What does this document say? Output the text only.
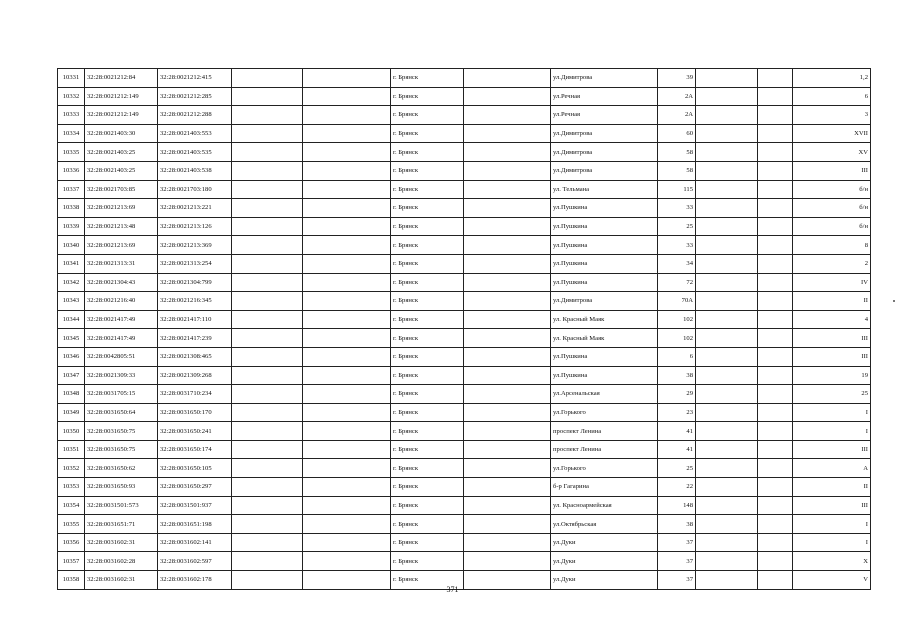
10331	32:28:0021212:84	32:28:0021212:415			г. Брянск		ул.Димитрова	39			1,2
10332	32:28:0021212:149	32:28:0021212:285			г. Брянск		ул.Речная	2А			6
10333	32:28:0021212:149	32:28:0021212:288			г. Брянск		ул.Речная	2А			3
10334	32:28:0021403:30	32:28:0021403:553			г. Брянск		ул.Димитрова	60			XVII
10335	32:28:0021403:25	32:28:0021403:535			г. Брянск		ул.Димитрова	58			XV
10336	32:28:0021403:25	32:28:0021403:538			г. Брянск		ул.Димитрова	58			III
10337	32:28:0021703:85	32:28:0021703:180			г. Брянск		ул. Тельмана	115			б/н
10338	32:28:0021213:69	32:28:0021213:221			г. Брянск		ул.Пушкина	33			б/н
10339	32:28:0021213:48	32:28:0021213:126			г. Брянск		ул.Пушкина	25			б/н
10340	32:28:0021213:69	32:28:0021213:369			г. Брянск		ул.Пушкина	33			8
10341	32:28:0021313:31	32:28:0021313:254			г. Брянск		ул.Пушкина	34			2
10342	32:28:0021304:43	32:28:0021304:799			г. Брянск		ул.Пушкина	72			IV
10343	32:28:0021216:40	32:28:0021216:345			г. Брянск		ул.Димитрова	70А			II
10344	32:28:0021417:49	32:28:0021417:110			г. Брянск		ул. Красный Маяк	102			4
10345	32:28:0021417:49	32:28:0021417:239			г. Брянск		ул. Красный Маяк	102			III
10346	32:28:0042805:51	32:28:0021308:465			г. Брянск		ул.Пушкина	6			III
10347	32:28:0021309:33	32:28:0021309:268			г. Брянск		ул.Пушкина	38			19
10348	32:28:0031705:15	32:28:0031710:234			г. Брянск		ул.Арсенальская	29			25
10349	32:28:0031650:64	32:28:0031650:170			г. Брянск		ул.Горького	23			I
10350	32:28:0031650:75	32:28:0031650:241			г. Брянск		проспект Ленина	41			I
10351	32:28:0031650:75	32:28:0031650:174			г. Брянск		проспект Ленина	41			III
10352	32:28:0031650:62	32:28:0031650:105			г. Брянск		ул.Горького	25			А
10353	32:28:0031650:93	32:28:0031650:297			г. Брянск		б-р Гагарина	22			II
10354	32:28:0031501:573	32:28:0031501:937			г. Брянск		ул. Красноармейская	148			III
10355	32:28:0031651:71	32:28:0031651:198			г. Брянск		ул.Октябрьская	38			I
10356	32:28:0031602:31	32:28:0031602:141			г. Брянск		ул.Дуки	37			I
10357	32:28:0031602:28	32:28:0031602:597			г. Брянск		ул.Дуки	37			X
10358	32:28:0031602:31	32:28:0031602:178			г. Брянск		ул.Дуки	37			V
371
